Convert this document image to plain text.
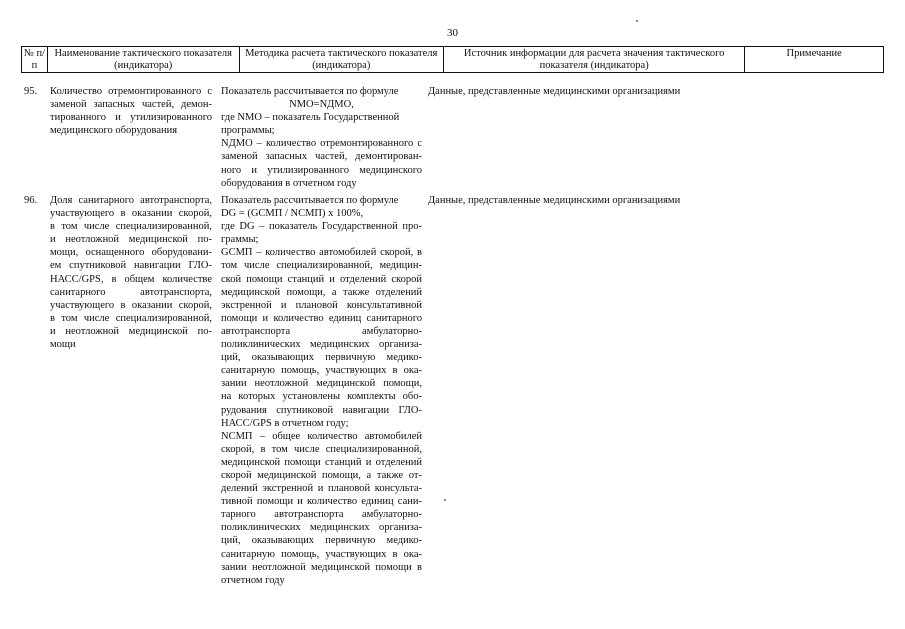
30
№ п/п
Наименование тактического показателя (индикатора)
Методика расчета тактического показателя (индикатора)
Источник информации для расчета значения тактического показателя (индикатора)
Примечание
95. Количество отремонтированного с
заменой запасных частей, демон-
тированного и утилизированного
медицинского оборудования
Показатель рассчитывается по формуле
NМО=NДМО,
где NМО – показатель Государственной
программы;
NДМО – количество отремонтированного с
заменой запасных частей, демонтирован-
ного и утилизированного медицинского
оборудования в отчетном году
Данные, представленные медицинскими организациями
96. Доля санитарного автотранспорта,
участвующего в оказании скорой,
в том числе специализированной,
и неотложной медицинской по-
мощи, оснащенного оборудовани-
ем спутниковой навигации ГЛО-
НАСС/GPS, в общем количестве
санитарного автотранспорта,
участвующего в оказании скорой,
в том числе специализированной,
и неотложной медицинской по-
мощи
Показатель рассчитывается по формуле
DG = (GСМП / NСМП) x 100%,
где DG – показатель Государственной про-
граммы;
GСМП – количество автомобилей скорой, в
том числе специализированной, медицин-
ской помощи станций и отделений скорой
медицинской помощи, а также отделений
экстренной и плановой консультативной
помощи и количество единиц санитарного
автотранспорта амбулаторно-
поликлинических медицинских организа-
ций, оказывающих первичную медико-
санитарную помощь, участвующих в ока-
зании неотложной медицинской помощи,
на которых установлены комплекты обо-
рудования спутниковой навигации ГЛО-
НАСС/GPS в отчетном году;
NСМП – общее количество автомобилей
скорой, в том числе специализированной,
медицинской помощи станций и отделений
скорой медицинской помощи, а также от-
делений экстренной и плановой консульта-
тивной помощи и количество единиц сани-
тарного автотранспорта амбулаторно-
поликлинических медицинских организа-
ций, оказывающих первичную медико-
санитарную помощь, участвующих в ока-
зании неотложной медицинской помощи в
отчетном году
Данные, представленные медицинскими организациями
